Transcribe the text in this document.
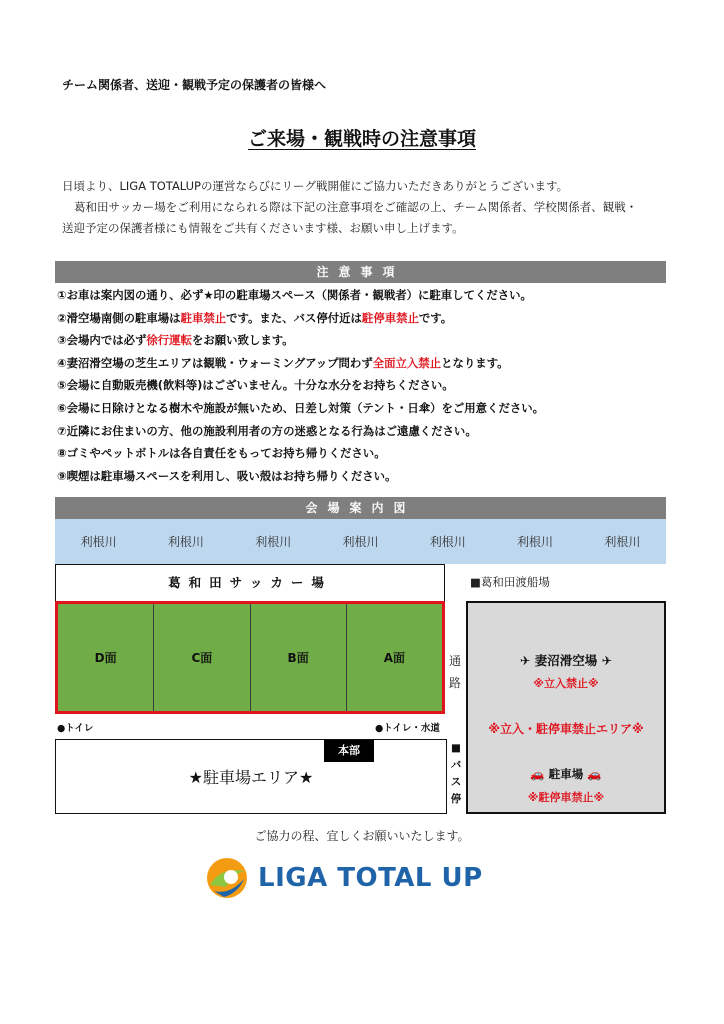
チーム関係者、送迎・観戦予定の保護者の皆様へ
ご来場・観戦時の注意事項

日頃より、LIGA TOTALUPの運営ならびにリーグ戦開催にご協力いただきありがとうございます。

葛和田サッカー場をご利用になられる際は下記の注意事項をご確認の上、チーム関係者、学校関係者、観戦・

送迎予定の保護者様にも情報をご共有くださいます様、お願い申し上げます。

注意事項
①お車は案内図の通り、必ず★印の駐車場スペース（関係者・観戦者）に駐車してください。
②滑空場南側の駐車場は駐車禁止です。また、バス停付近は駐停車禁止です。
③会場内では必ず徐行運転をお願い致します。
④妻沼滑空場の芝生エリアは観戦・ウォーミングアップ問わず全面立入禁止となります。
⑤会場に自動販売機(飲料等)はございません。十分な水分をお持ちください。
⑥会場に日除けとなる樹木や施設が無いため、日差し対策（テント・日傘）をご用意ください。
⑦近隣にお住まいの方、他の施設利用者の方の迷惑となる行為はご遠慮ください。
⑧ゴミやペットボトルは各自責任をもってお持ち帰りください。
⑨喫煙は駐車場スペースを利用し、吸い殻はお持ち帰りください。
会場案内図
利根川	利根川	利根川	利根川	利根川	利根川	利根川
葛和田サッカー場
D面	C面	B面	A面
●トイレ	●トイレ・水道
■葛和田渡船場
通
路
✈ 妻沼滑空場 ✈
※立入禁止※
※立入・駐停車禁止エリア※
🚗 駐車場 🚗
※駐停車禁止※
★駐車場エリア★
本部	■
バ
ス
停
ご協力の程、宜しくお願いいたします。
LIGA TOTAL UP
